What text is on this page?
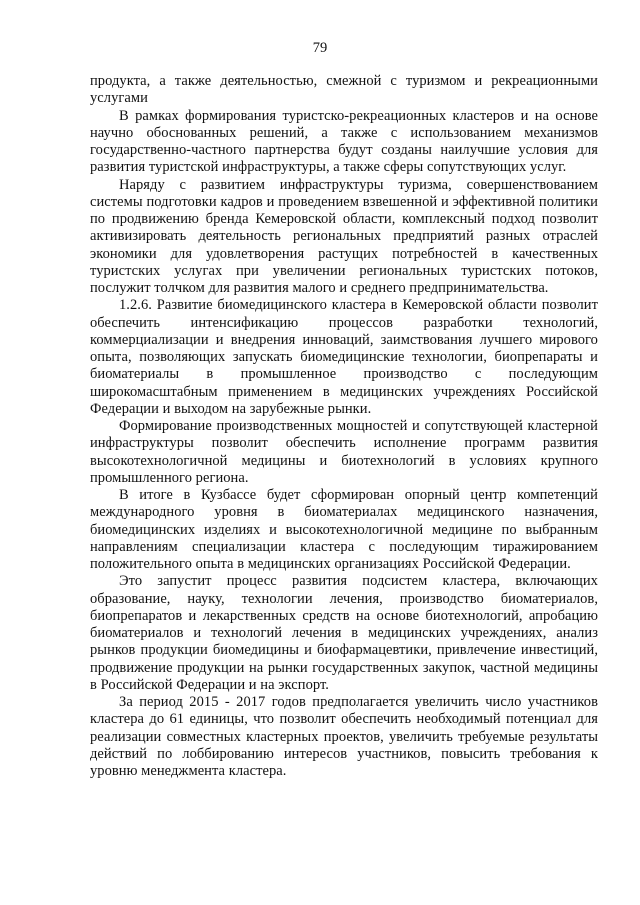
79

продукта, а также деятельностью, смежной с туризмом и рекреационными услугами

В рамках формирования туристско-рекреационных кластеров и на основе научно обоснованных решений, а также с использованием механизмов государственно-частного партнерства будут созданы наилучшие условия для развития туристской инфраструктуры, а также сферы сопутствующих услуг.

Наряду с развитием инфраструктуры туризма, совершенствованием системы подготовки кадров и проведением взвешенной и эффективной политики по продвижению бренда Кемеровской области, комплексный подход позволит активизировать деятельность региональных предприятий разных отраслей экономики для удовлетворения растущих потребностей в качественных туристских услугах при увеличении региональных туристских потоков, послужит толчком для развития малого и среднего предпринимательства.

1.2.6. Развитие биомедицинского кластера в Кемеровской области позволит обеспечить интенсификацию процессов разработки технологий, коммерциализации и внедрения инноваций, заимствования лучшего мирового опыта, позволяющих запускать биомедицинские технологии, биопрепараты и биоматериалы в промышленное производство с последующим широкомасштабным применением в медицинских учреждениях Российской Федерации и выходом на зарубежные рынки.

Формирование производственных мощностей и сопутствующей кластерной инфраструктуры позволит обеспечить исполнение программ развития высокотехнологичной медицины и биотехнологий в условиях крупного промышленного региона.

В итоге в Кузбассе будет сформирован опорный центр компетенций международного уровня в биоматериалах медицинского назначения, биомедицинских изделиях и высокотехнологичной медицине по выбранным направлениям специализации кластера с последующим тиражированием положительного опыта в медицинских организациях Российской Федерации.

Это запустит процесс развития подсистем кластера, включающих образование, науку, технологии лечения, производство биоматериалов, биопрепаратов и лекарственных средств на основе биотехнологий, апробацию биоматериалов и технологий лечения в медицинских учреждениях, анализ рынков продукции биомедицины и биофармацевтики, привлечение инвестиций, продвижение продукции на рынки государственных закупок, частной медицины в Российской Федерации и на экспорт.

За период 2015 - 2017 годов предполагается увеличить число участников кластера до 61 единицы, что позволит обеспечить необходимый потенциал для реализации совместных кластерных проектов, увеличить требуемые результаты действий по лоббированию интересов участников, повысить требования к уровню менеджмента кластера.
